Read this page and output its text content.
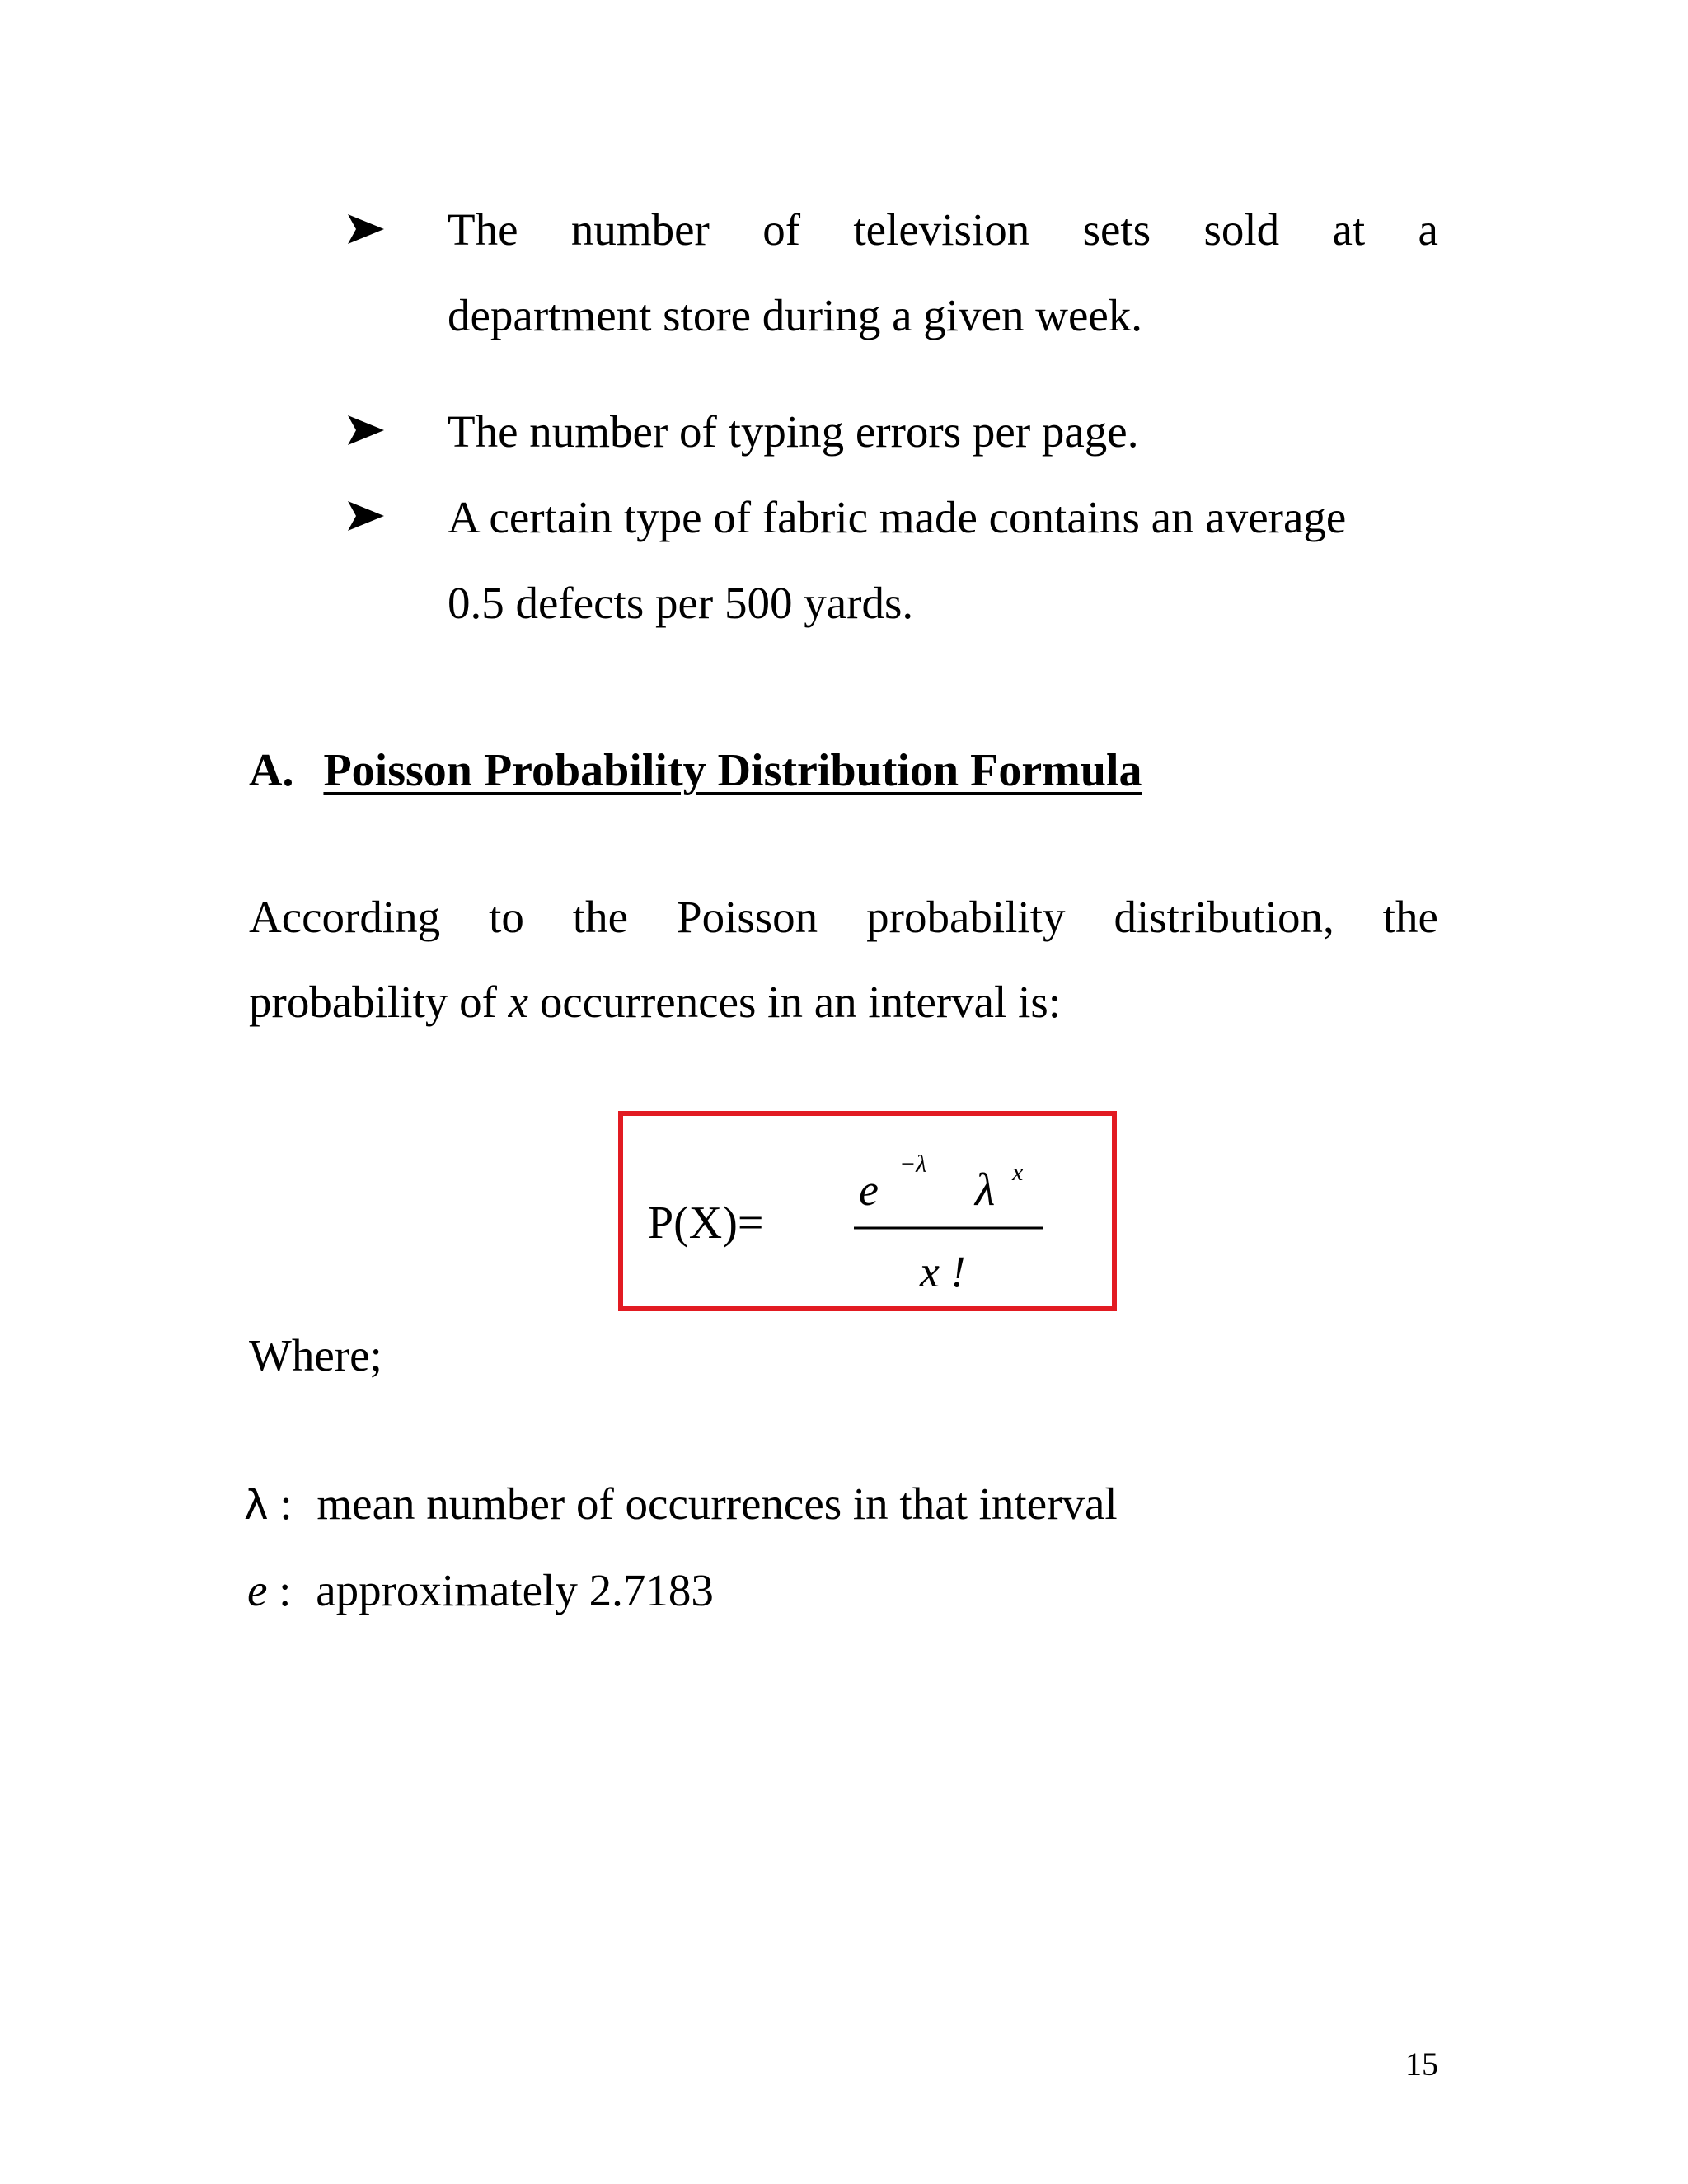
The number of television sets sold at a
department store during a given week.
The number of typing errors per page.
A certain type of fabric made contains an average
0.5 defects per 500 yards.
A. Poisson Probability Distribution Formula
According to the Poisson probability distribution, the
probability of x occurrences in an interval is:
P(X)=
e
−λ
λ x
x !
Where;
λ : mean number of occurrences in that interval
e : approximately 2.7183
15
